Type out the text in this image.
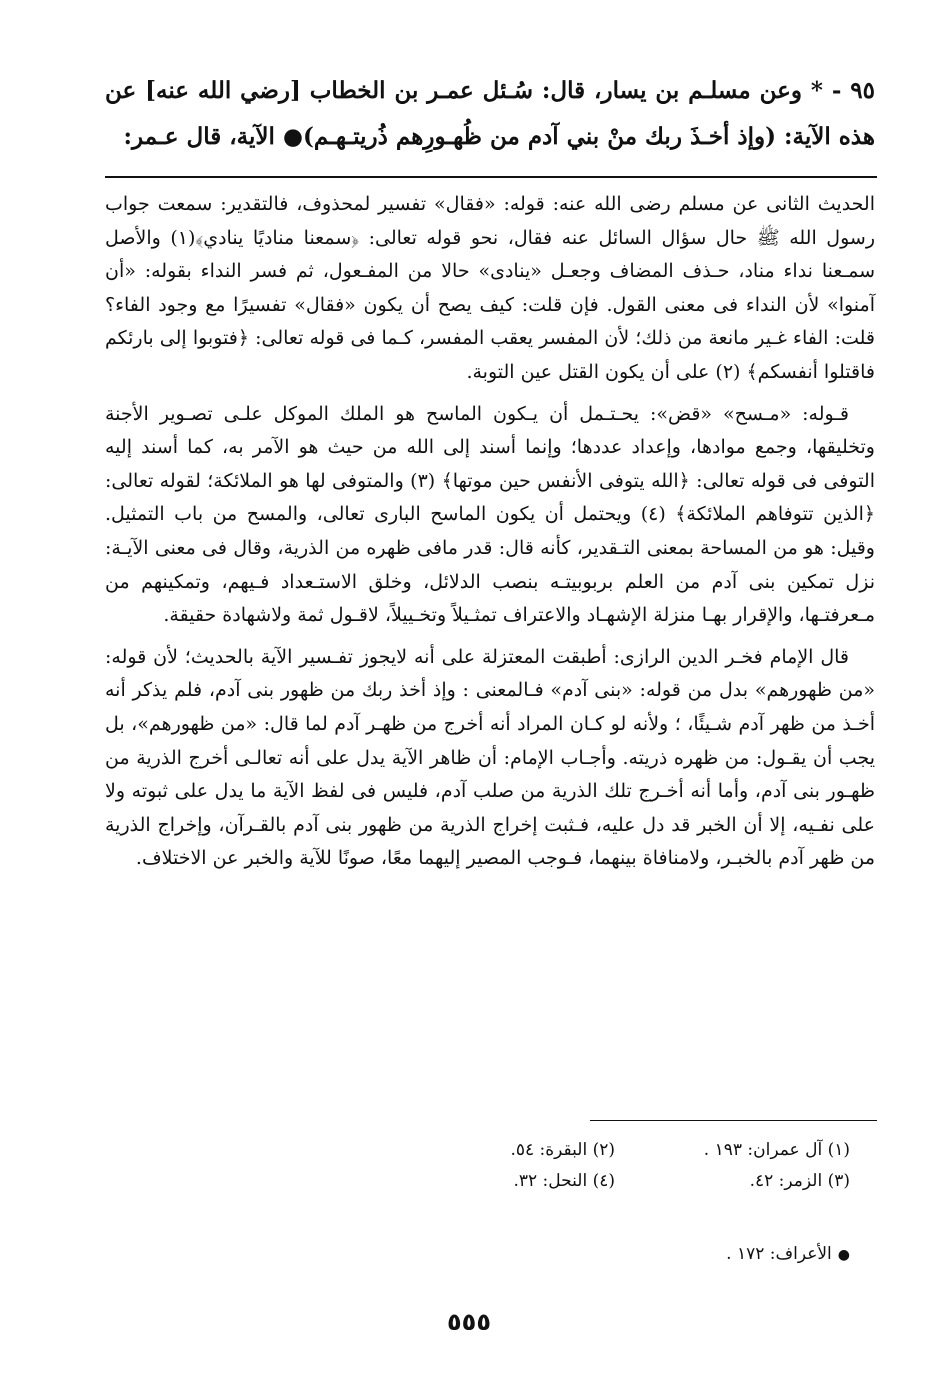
٩٥ - * وعن مسلـم بن يسار، قال: سُـئل عمـر بن الخطاب [رضي الله عنه] عن هذه الآية: (وإذ أخـذَ ربك منْ بني آدم من ظُهـورِهم ذُريتـهـم)● الآية، قال عـمر:

الحديث الثانى عن مسلم رضى الله عنه: قوله: «فقال» تفسير لمحذوف، فالتقدير: سمعت جواب رسول الله ﷺ حال سؤال السائل عنه فقال، نحو قوله تعالى: ﴿سمعنا مناديًا ينادي﴾(١) والأصل سمـعنا نداء مناد، حـذف المضاف وجعـل «ينادى» حالا من المفـعول، ثم فسر النداء بقوله: «أن آمنوا» لأن النداء فى معنى القول. فإن قلت: كيف يصح أن يكون «فقال» تفسيرًا مع وجود الفاء؟ قلت: الفاء غـير مانعة من ذلك؛ لأن المفسر يعقب المفسر، كـما فى قوله تعالى: ﴿فتوبوا إلى بارئكم فاقتلوا أنفسكم﴾ (٢) على أن يكون القتل عين التوبة.

قـوله: «مـسح» «قض»: يحـتـمل أن يـكون الماسح هو الملك الموكل علـى تصـوير الأجنة وتخليقها، وجمع موادها، وإعداد عددها؛ وإنما أسند إلى الله من حيث هو الآمر به، كما أسند إليه التوفى فى قوله تعالى: ﴿الله يتوفى الأنفس حين موتها﴾ (٣) والمتوفى لها هو الملائكة؛ لقوله تعالى: ﴿الذين تتوفاهم الملائكة﴾ (٤) ويحتمل أن يكون الماسح البارى تعالى، والمسح من باب التمثيل. وقيل: هو من المساحة بمعنى التـقدير، كأنه قال: قدر مافى ظهره من الذرية، وقال فى معنى الآيـة: نزل تمكين بنى آدم من العلم بربوبيتـه بنصب الدلائل، وخلق الاستـعداد فـيهم، وتمكينهم من مـعرفتـها، والإقرار بهـا منزلة الإشهـاد والاعتراف تمثـيلاً وتخـييلاً، لاقـول ثمة ولاشهادة حقيقة.

قال الإمام فخـر الدين الرازى: أطبقت المعتزلة على أنه لايجوز تفـسير الآية بالحديث؛ لأن قوله: «من ظهورهم» بدل من قوله: «بنى آدم» فـالمعنى : وإذ أخذ ربك من ظهور بنى آدم، فلم يذكر أنه أخـذ من ظهر آدم شـيئًا، ؛ ولأنه لو كـان المراد أنه أخرج من ظهـر آدم لما قال: «من ظهورهم»، بل يجب أن يقـول: من ظهره ذريته. وأجـاب الإمام: أن ظاهر الآية يدل على أنه تعالـى أخرج الذرية من ظهـور بنى آدم، وأما أنه أخـرج تلك الذرية من صلب آدم، فليس فى لفظ الآية ما يدل على ثبوته ولا على نفـيه، إلا أن الخبر قد دل عليه، فـثبت إخراج الذرية من ظهور بنى آدم بالقـرآن، وإخراج الذرية من ظهر آدم بالخبـر، ولامنافاة بينهما، فـوجب المصير إليهما معًا، صونًا للآية والخبر عن الاختلاف.

(١) آل عمران: ١٩٣ .
(٢) البقرة: ٥٤.
(٣) الزمر: ٤٢.
(٤) النحل: ٣٢.
●الأعراف: ١٧٢ .
٥٥٥
